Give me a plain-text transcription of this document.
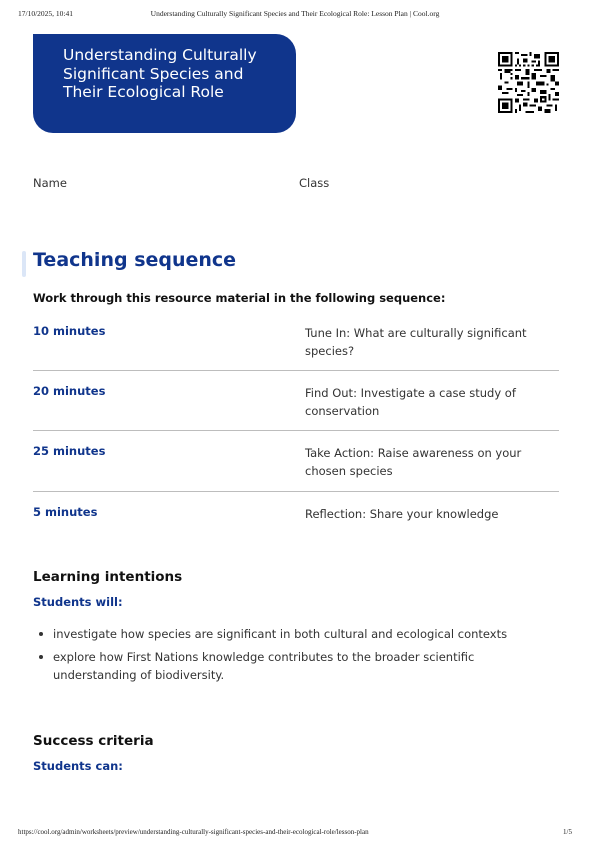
17/10/2025, 10:41	Understanding Culturally Significant Species and Their Ecological Role: Lesson Plan | Cool.org
Understanding Culturally Significant Species and Their Ecological Role
Name	Class
Teaching sequence
Work through this resource material in the following sequence:
10 minutes	Tune In: What are culturally significant species?
20 minutes	Find Out: Investigate a case study of conservation
25 minutes	Take Action: Raise awareness on your chosen species
5 minutes	Reflection: Share your knowledge
Learning intentions
Students will:
investigate how species are significant in both cultural and ecological contexts
explore how First Nations knowledge contributes to the broader scientific understanding of biodiversity.
Success criteria
Students can:
https://cool.org/admin/worksheets/preview/understanding-culturally-significant-species-and-their-ecological-role/lesson-plan	1/5
